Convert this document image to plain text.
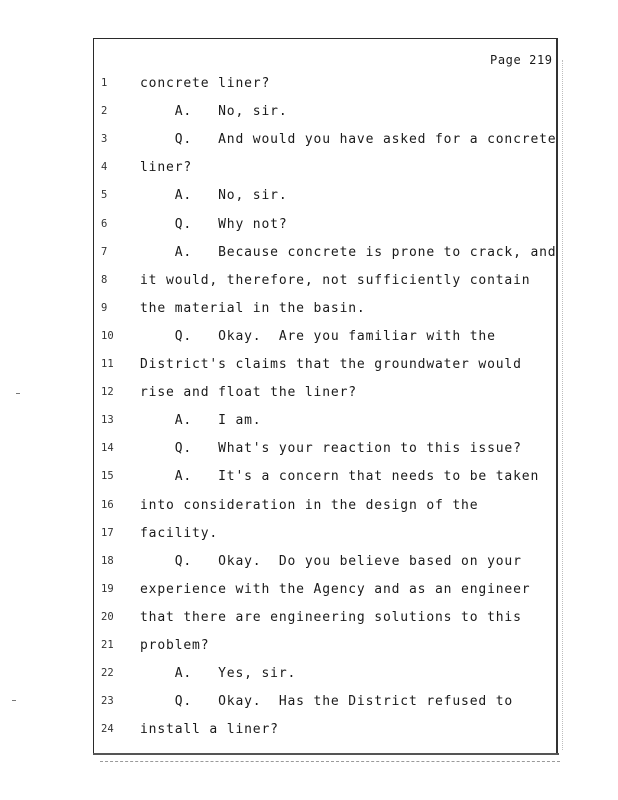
Page 219
1	concrete liner?
2	A.   No, sir.
3	Q.   And would you have asked for a concrete
4	liner?
5	A.   No, sir.
6	Q.   Why not?
7	A.   Because concrete is prone to crack, and
8	it would, therefore, not sufficiently contain
9	the material in the basin.
10	Q.   Okay.  Are you familiar with the
11	District's claims that the groundwater would
12	rise and float the liner?
13	A.   I am.
14	Q.   What's your reaction to this issue?
15	A.   It's a concern that needs to be taken
16	into consideration in the design of the
17	facility.
18	Q.   Okay.  Do you believe based on your
19	experience with the Agency and as an engineer
20	that there are engineering solutions to this
21	problem?
22	A.   Yes, sir.
23	Q.   Okay.  Has the District refused to
24	install a liner?
